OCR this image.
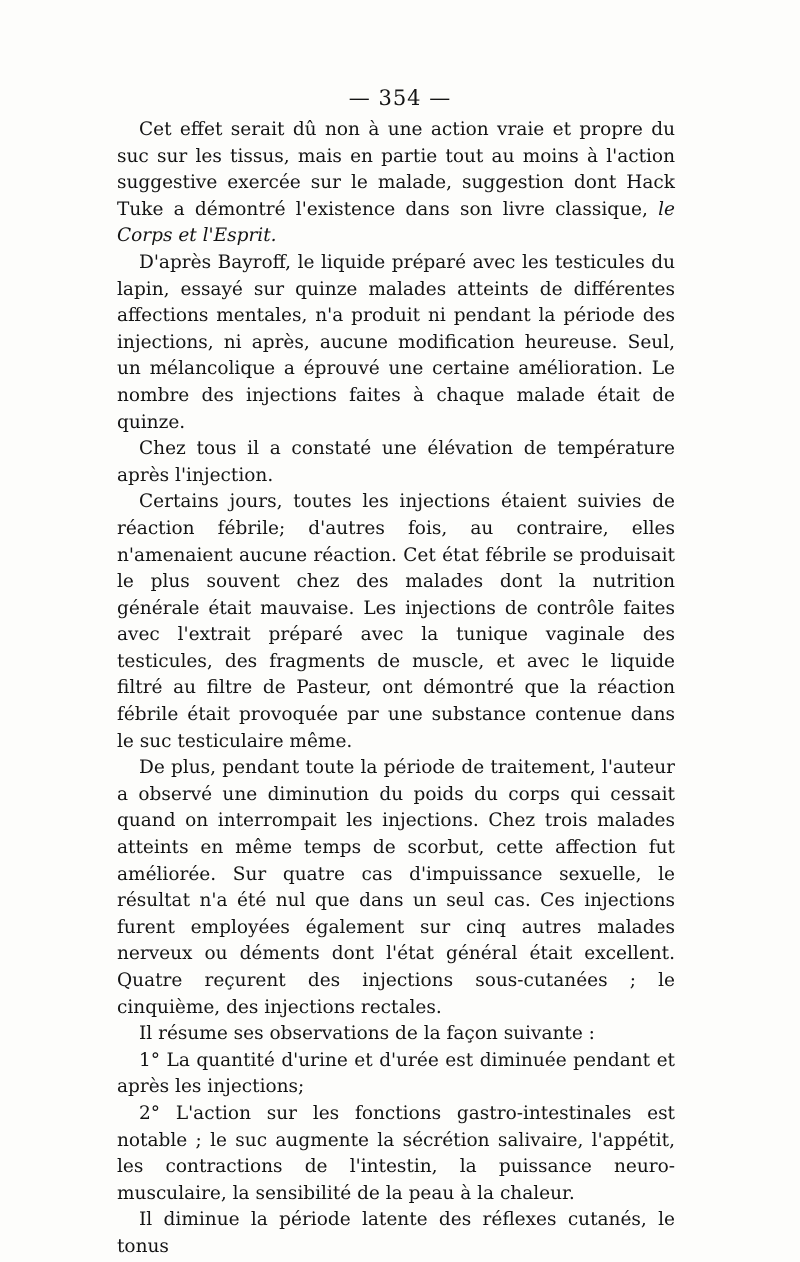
— 354 —

Cet effet serait dû non à une action vraie et propre du suc sur les tissus, mais en partie tout au moins à l'action suggestive exercée sur le malade, suggestion dont Hack Tuke a démontré l'existence dans son livre classique, le Corps et l'Esprit.

D'après Bayroff, le liquide préparé avec les testicules du lapin, essayé sur quinze malades atteints de différentes affections mentales, n'a produit ni pendant la période des injections, ni après, aucune modification heureuse. Seul, un mélancolique a éprouvé une certaine amélioration. Le nombre des injections faites à chaque malade était de quinze.

Chez tous il a constaté une élévation de température après l'injection.

Certains jours, toutes les injections étaient suivies de réaction fébrile; d'autres fois, au contraire, elles n'amenaient aucune réaction. Cet état fébrile se produisait le plus souvent chez des malades dont la nutrition générale était mauvaise. Les injections de contrôle faites avec l'extrait préparé avec la tunique vaginale des testicules, des fragments de muscle, et avec le liquide filtré au filtre de Pasteur, ont démontré que la réaction fébrile était provoquée par une substance contenue dans le suc testiculaire même.

De plus, pendant toute la période de traitement, l'auteur a observé une diminution du poids du corps qui cessait quand on interrompait les injections. Chez trois malades atteints en même temps de scorbut, cette affection fut améliorée. Sur quatre cas d'impuissance sexuelle, le résultat n'a été nul que dans un seul cas. Ces injections furent employées également sur cinq autres malades nerveux ou déments dont l'état général était excellent. Quatre reçurent des injections sous-cutanées ; le cinquième, des injections rectales.

Il résume ses observations de la façon suivante :

1° La quantité d'urine et d'urée est diminuée pendant et après les injections;

2° L'action sur les fonctions gastro-intestinales est notable ; le suc augmente la sécrétion salivaire, l'appétit, les contractions de l'intestin, la puissance neuro-musculaire, la sensibilité de la peau à la chaleur.

Il diminue la période latente des réflexes cutanés, le tonus
